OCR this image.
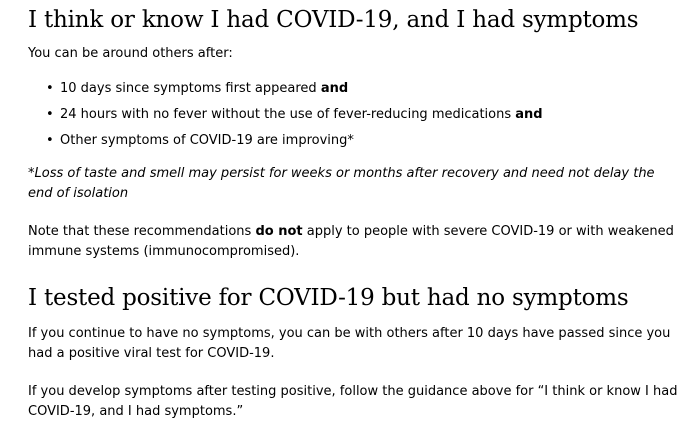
I think or know I had COVID-19, and I had symptoms

You can be around others after:

• 10 days since symptoms first appeared and
• 24 hours with no fever without the use of fever-reducing medications and
• Other symptoms of COVID-19 are improving*

*Loss of taste and smell may persist for weeks or months after recovery and need not delay the end of isolation

Note that these recommendations do not apply to people with severe COVID-19 or with weakened immune systems (immunocompromised).

I tested positive for COVID-19 but had no symptoms

If you continue to have no symptoms, you can be with others after 10 days have passed since you had a positive viral test for COVID-19.

If you develop symptoms after testing positive, follow the guidance above for “I think or know I had COVID-19, and I had symptoms.”
